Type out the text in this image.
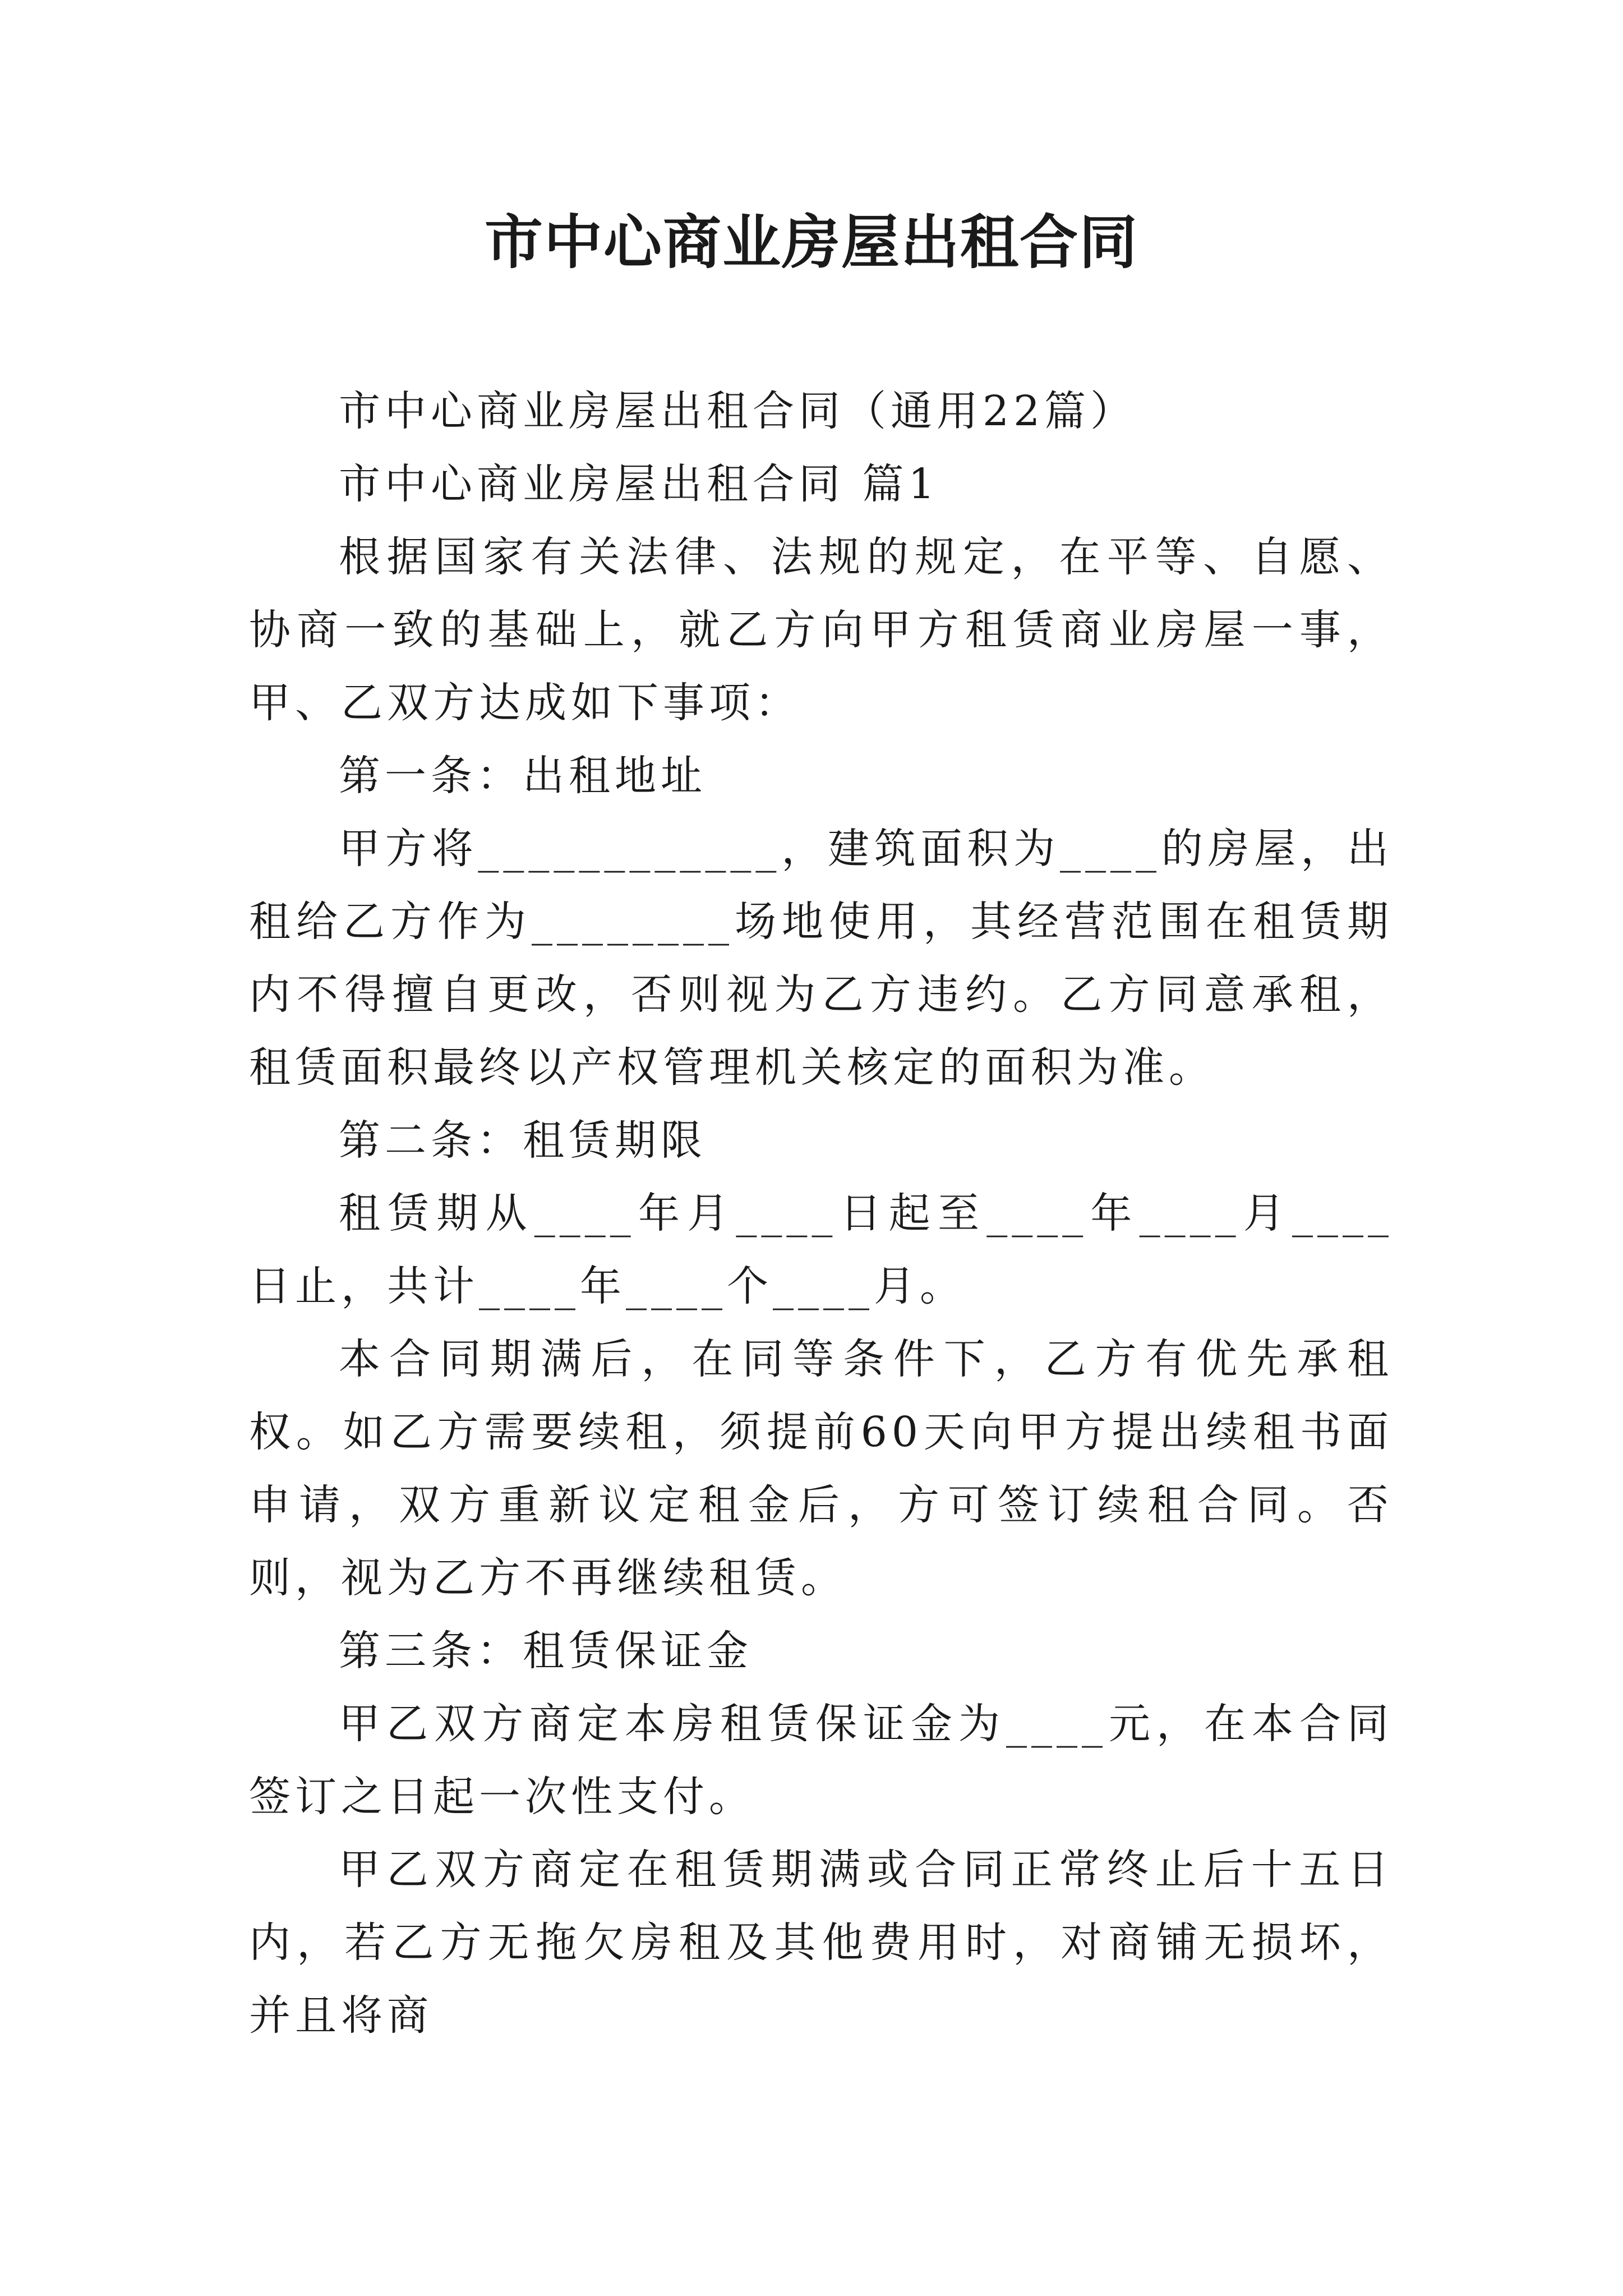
市中心商业房屋出租合同

市中心商业房屋出租合同（通用22篇）

市中心商业房屋出租合同 篇1

根据国家有关法律、法规的规定，在平等、自愿、协商一致的基础上，就乙方向甲方租赁商业房屋一事，甲、乙双方达成如下事项：

第一条：出租地址

甲方将____________，建筑面积为____的房屋，出租给乙方作为________场地使用，其经营范围在租赁期内不得擅自更改，否则视为乙方违约。乙方同意承租，租赁面积最终以产权管理机关核定的面积为准。

第二条：租赁期限

租赁期从____年月____日起至____年____月____日止，共计____年____个____月。

本合同期满后，在同等条件下，乙方有优先承租权。如乙方需要续租，须提前60天向甲方提出续租书面申请，双方重新议定租金后，方可签订续租合同。否则，视为乙方不再继续租赁。

第三条：租赁保证金

甲乙双方商定本房租赁保证金为____元，在本合同签订之日起一次性支付。

甲乙双方商定在租赁期满或合同正常终止后十五日内，若乙方无拖欠房租及其他费用时，对商铺无损坏，并且将商
